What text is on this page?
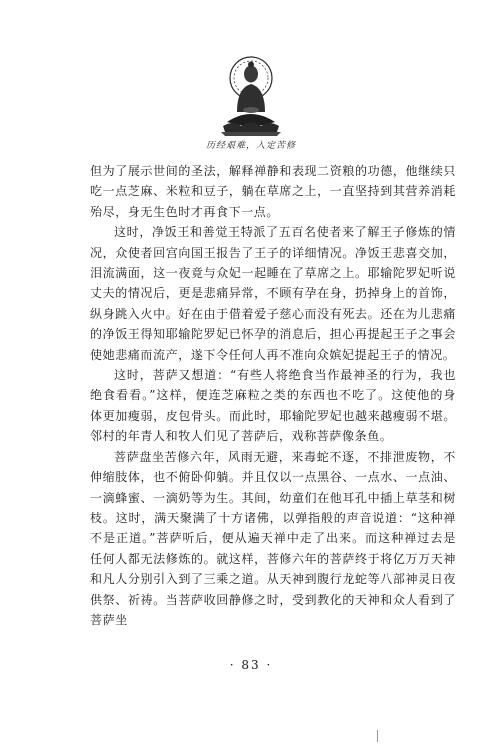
历经艰难，入定苦修

但为了展示世间的圣法，解释禅静和表现二资粮的功德，他继续只吃一点芝麻、米粒和豆子，躺在草席之上，一直坚持到其营养消耗殆尽，身无生色时才再食下一点。

这时，净饭王和善觉王特派了五百名使者来了解王子修炼的情况，众使者回宫向国王报告了王子的详细情况。净饭王悲喜交加，泪流满面，这一夜竟与众妃一起睡在了草席之上。耶输陀罗妃听说丈夫的情况后，更是悲痛异常，不顾有孕在身，扔掉身上的首饰，纵身跳入火中。好在由于借着爱子慈心而没有死去。还在为儿悲痛的净饭王得知耶输陀罗妃已怀孕的消息后，担心再提起王子之事会使她悲痛而流产，遂下令任何人再不准向众嫔妃提起王子的情况。

这时，菩萨又想道：“有些人将绝食当作最神圣的行为，我也绝食看看。”这样，便连芝麻粒之类的东西也不吃了。这使他的身体更加瘦弱，皮包骨头。而此时，耶输陀罗妃也越来越瘦弱不堪。邻村的年青人和牧人们见了菩萨后，戏称菩萨像条鱼。

菩萨盘坐苦修六年，风雨无避，来毒蛇不逐，不排泄废物，不伸缩肢体，也不俯卧仰躺。并且仅以一点黑谷、一点水、一点油、一滴蜂蜜、一滴奶等为生。其间，幼童们在他耳孔中插上草茎和树枝。这时，满天聚满了十方诸佛，以弹指般的声音说道：“这种禅不是正道。”菩萨听后，便从遍天禅中走了出来。而这种禅过去是任何人都无法修炼的。就这样，菩修六年的菩萨终于将亿万万天神和凡人分别引入到了三乘之道。从天神到腹行龙蛇等八部神灵日夜供祭、祈祷。当菩萨收回静修之时，受到教化的天神和众人看到了菩萨坐

· 83 ·
